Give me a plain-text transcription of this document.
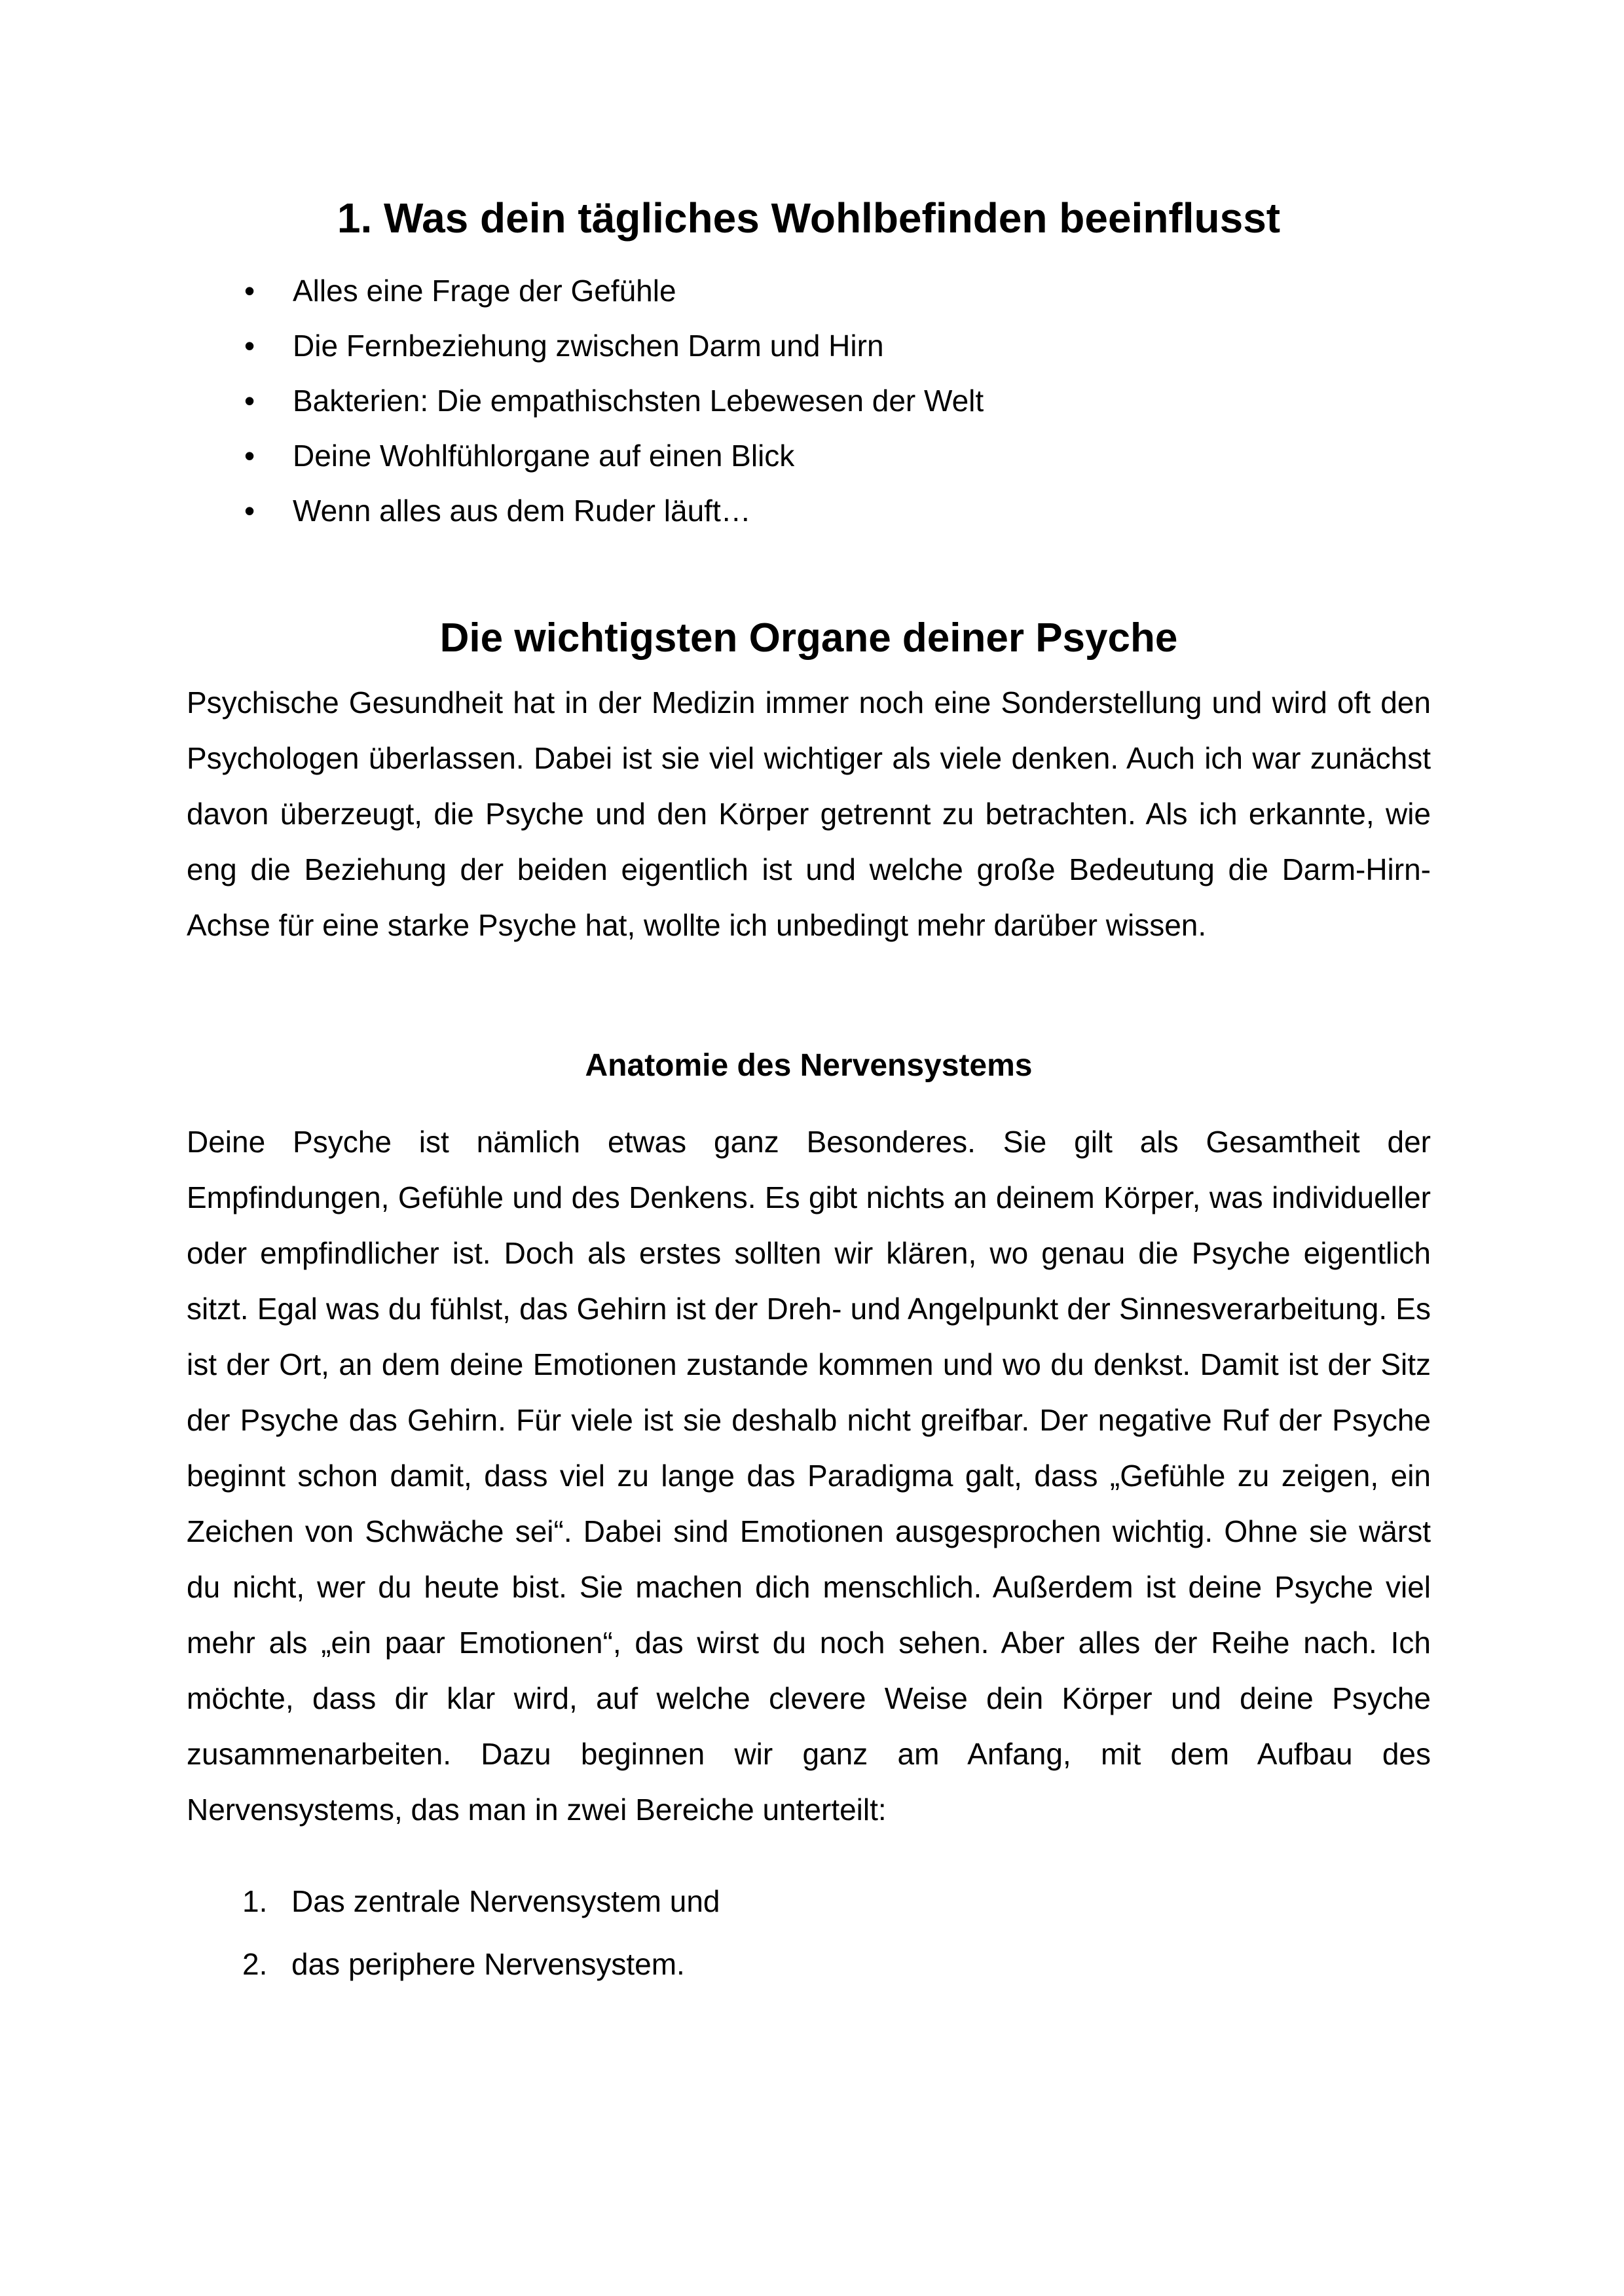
1. Was dein tägliches Wohlbefinden beeinflusst
• Alles eine Frage der Gefühle
• Die Fernbeziehung zwischen Darm und Hirn
• Bakterien: Die empathischsten Lebewesen der Welt
• Deine Wohlfühlorgane auf einen Blick
• Wenn alles aus dem Ruder läuft…
Die wichtigsten Organe deiner Psyche

Psychische Gesundheit hat in der Medizin immer noch eine Sonderstellung und wird oft den Psychologen überlassen. Dabei ist sie viel wichtiger als viele denken. Auch ich war zunächst davon überzeugt, die Psyche und den Körper getrennt zu betrachten. Als ich erkannte, wie eng die Beziehung der beiden eigentlich ist und welche große Bedeutung die Darm-Hirn-Achse für eine starke Psyche hat, wollte ich unbedingt mehr darüber wissen.

Anatomie des Nervensystems

Deine Psyche ist nämlich etwas ganz Besonderes. Sie gilt als Gesamtheit der Empfindungen, Gefühle und des Denkens. Es gibt nichts an deinem Körper, was individueller oder empfindlicher ist. Doch als erstes sollten wir klären, wo genau die Psyche eigentlich sitzt. Egal was du fühlst, das Gehirn ist der Dreh- und Angelpunkt der Sinnesverarbeitung. Es ist der Ort, an dem deine Emotionen zustande kommen und wo du denkst. Damit ist der Sitz der Psyche das Gehirn. Für viele ist sie deshalb nicht greifbar. Der negative Ruf der Psyche beginnt schon damit, dass viel zu lange das Paradigma galt, dass „Gefühle zu zeigen, ein Zeichen von Schwäche sei“. Dabei sind Emotionen ausgesprochen wichtig. Ohne sie wärst du nicht, wer du heute bist. Sie machen dich menschlich. Außerdem ist deine Psyche viel mehr als „ein paar Emotionen“, das wirst du noch sehen. Aber alles der Reihe nach. Ich möchte, dass dir klar wird, auf welche clevere Weise dein Körper und deine Psyche zusammenarbeiten. Dazu beginnen wir ganz am Anfang, mit dem Aufbau des Nervensystems, das man in zwei Bereiche unterteilt:

1. Das zentrale Nervensystem und
2. das periphere Nervensystem.
